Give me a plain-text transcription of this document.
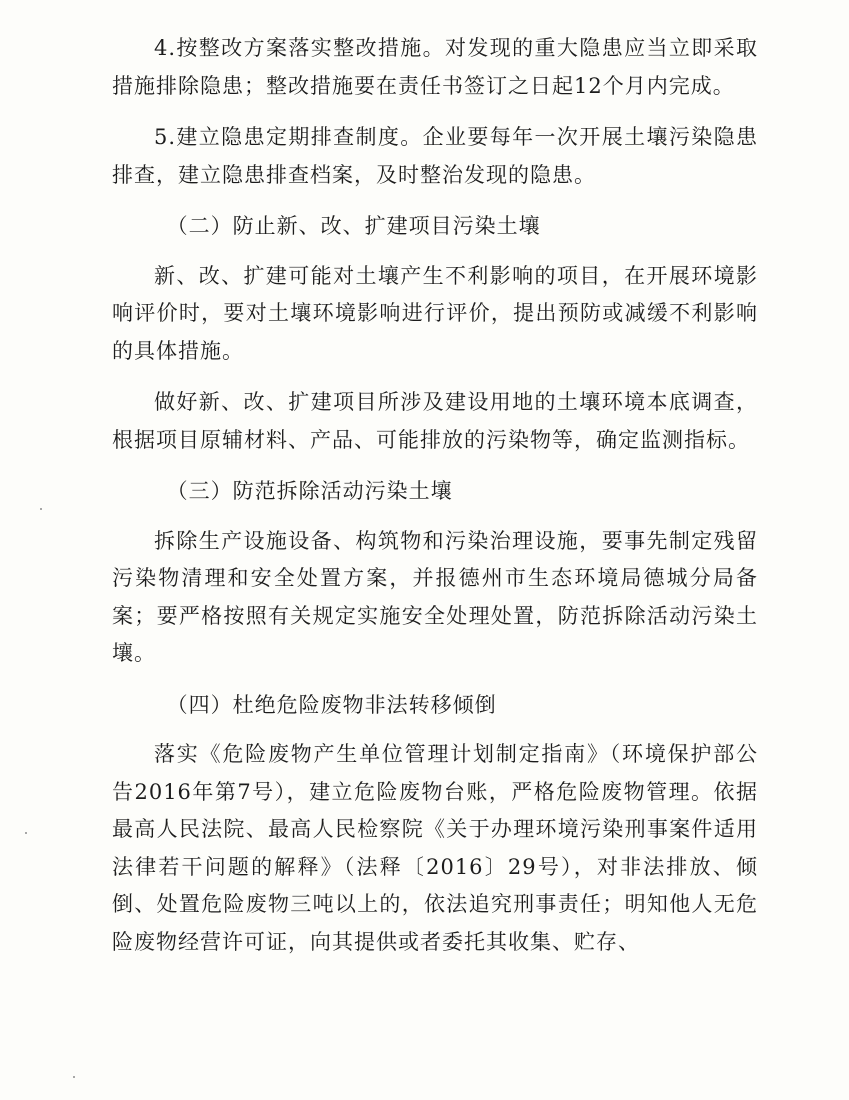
4.按整改方案落实整改措施。对发现的重大隐患应当立即采取措施排除隐患；整改措施要在责任书签订之日起12个月内完成。

5.建立隐患定期排查制度。企业要每年一次开展土壤污染隐患排查，建立隐患排查档案，及时整治发现的隐患。

（二）防止新、改、扩建项目污染土壤

新、改、扩建可能对土壤产生不利影响的项目，在开展环境影响评价时，要对土壤环境影响进行评价，提出预防或减缓不利影响的具体措施。

做好新、改、扩建项目所涉及建设用地的土壤环境本底调查，根据项目原辅材料、产品、可能排放的污染物等，确定监测指标。

（三）防范拆除活动污染土壤

拆除生产设施设备、构筑物和污染治理设施，要事先制定残留污染物清理和安全处置方案，并报德州市生态环境局德城分局备案；要严格按照有关规定实施安全处理处置，防范拆除活动污染土壤。

（四）杜绝危险废物非法转移倾倒

落实《危险废物产生单位管理计划制定指南》（环境保护部公告2016年第7号），建立危险废物台账，严格危险废物管理。依据最高人民法院、最高人民检察院《关于办理环境污染刑事案件适用法律若干问题的解释》（法释〔2016〕29号），对非法排放、倾倒、处置危险废物三吨以上的，依法追究刑事责任；明知他人无危险废物经营许可证，向其提供或者委托其收集、贮存、
